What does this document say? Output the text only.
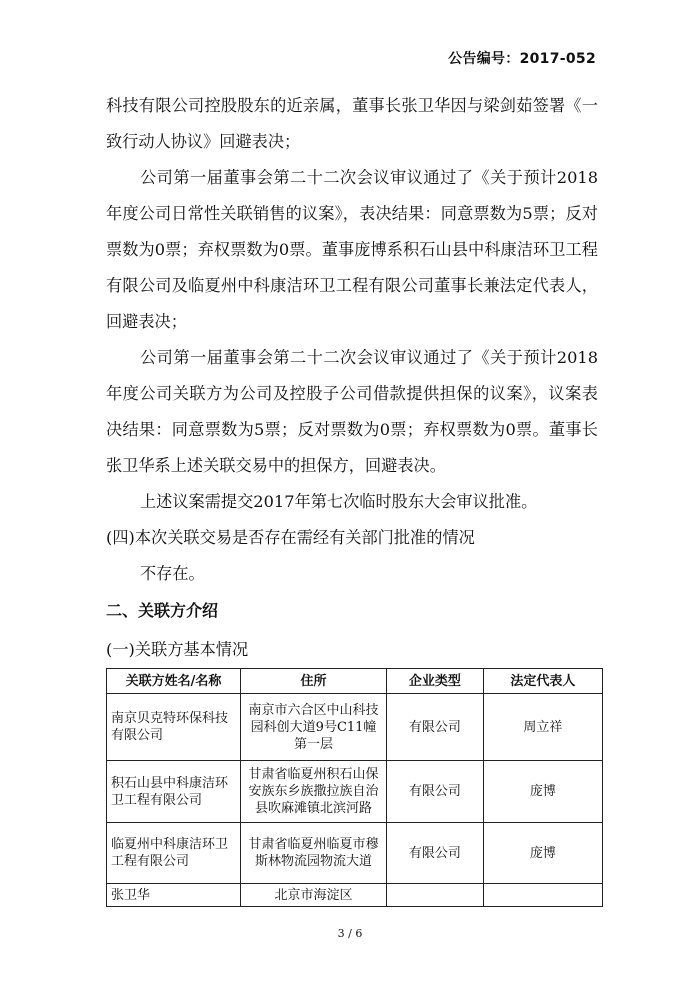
公告编号：2017-052

科技有限公司控股股东的近亲属，董事长张卫华因与梁剑茹签署《一致行动人协议》回避表决；

公司第一届董事会第二十二次会议审议通过了《关于预计2018年度公司日常性关联销售的议案》，表决结果：同意票数为5票；反对票数为0票；弃权票数为0票。董事庞博系积石山县中科康洁环卫工程有限公司及临夏州中科康洁环卫工程有限公司董事长兼法定代表人，回避表决；

公司第一届董事会第二十二次会议审议通过了《关于预计2018年度公司关联方为公司及控股子公司借款提供担保的议案》，议案表决结果：同意票数为5票；反对票数为0票；弃权票数为0票。董事长张卫华系上述关联交易中的担保方，回避表决。

上述议案需提交2017年第七次临时股东大会审议批准。

(四)本次关联交易是否存在需经有关部门批准的情况

不存在。

二、关联方介绍

(一)关联方基本情况

关联方姓名/名称	住所	企业类型	法定代表人
南京贝克特环保科技有限公司	南京市六合区中山科技园科创大道9号C11幢第一层	有限公司	周立祥
积石山县中科康洁环卫工程有限公司	甘肃省临夏州积石山保安族东乡族撒拉族自治县吹麻滩镇北滨河路	有限公司	庞博
临夏州中科康洁环卫工程有限公司	甘肃省临夏州临夏市穆斯林物流园物流大道	有限公司	庞博
张卫华	北京市海淀区		
3 / 6
